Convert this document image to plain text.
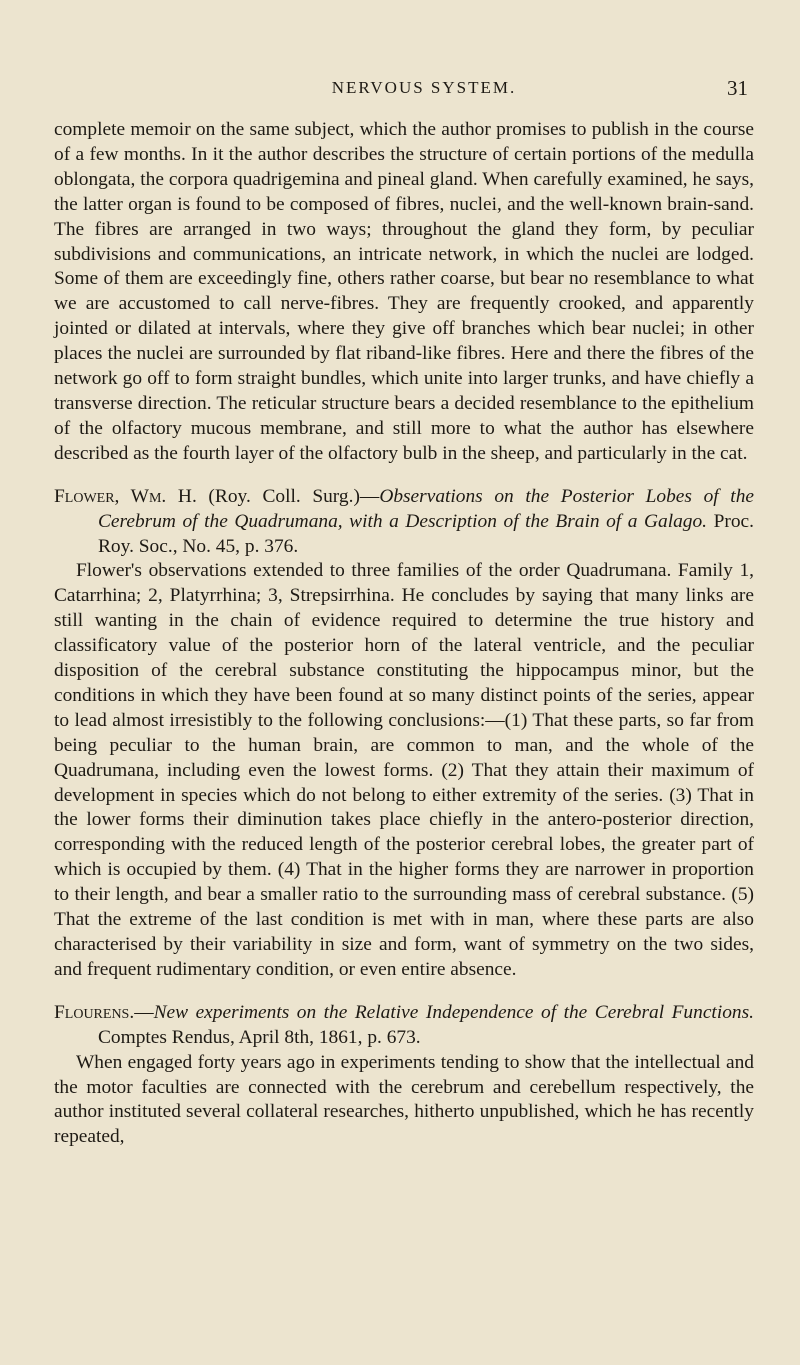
NERVOUS SYSTEM.	31

complete memoir on the same subject, which the author promises to publish in the course of a few months. In it the author describes the structure of certain portions of the medulla oblongata, the corpora quadrigemina and pineal gland. When carefully examined, he says, the latter organ is found to be composed of fibres, nuclei, and the well-known brain-sand. The fibres are arranged in two ways; throughout the gland they form, by peculiar subdivisions and communications, an intricate network, in which the nuclei are lodged. Some of them are exceedingly fine, others rather coarse, but bear no resemblance to what we are accustomed to call nerve-fibres. They are frequently crooked, and apparently jointed or dilated at intervals, where they give off branches which bear nuclei; in other places the nuclei are surrounded by flat riband-like fibres. Here and there the fibres of the network go off to form straight bundles, which unite into larger trunks, and have chiefly a transverse direction. The reticular structure bears a decided resemblance to the epithelium of the olfactory mucous membrane, and still more to what the author has elsewhere described as the fourth layer of the olfactory bulb in the sheep, and particularly in the cat.

Flower, Wm. H. (Roy. Coll. Surg.)—Observations on the Posterior Lobes of the Cerebrum of the Quadrumana, with a Description of the Brain of a Galago. Proc. Roy. Soc., No. 45, p. 376.

Flower's observations extended to three families of the order Quadrumana. Family 1, Catarrhina; 2, Platyrrhina; 3, Strepsirrhina. He concludes by saying that many links are still wanting in the chain of evidence required to determine the true history and classificatory value of the posterior horn of the lateral ventricle, and the peculiar disposition of the cerebral substance constituting the hippocampus minor, but the conditions in which they have been found at so many distinct points of the series, appear to lead almost irresistibly to the following conclusions:—(1) That these parts, so far from being peculiar to the human brain, are common to man, and the whole of the Quadrumana, including even the lowest forms. (2) That they attain their maximum of development in species which do not belong to either extremity of the series. (3) That in the lower forms their diminution takes place chiefly in the antero-posterior direction, corresponding with the reduced length of the posterior cerebral lobes, the greater part of which is occupied by them. (4) That in the higher forms they are narrower in proportion to their length, and bear a smaller ratio to the surrounding mass of cerebral substance. (5) That the extreme of the last condition is met with in man, where these parts are also characterised by their variability in size and form, want of symmetry on the two sides, and frequent rudimentary condition, or even entire absence.

Flourens.—New experiments on the Relative Independence of the Cerebral Functions. Comptes Rendus, April 8th, 1861, p. 673.

When engaged forty years ago in experiments tending to show that the intellectual and the motor faculties are connected with the cerebrum and cerebellum respectively, the author instituted several collateral researches, hitherto unpublished, which he has recently repeated,
